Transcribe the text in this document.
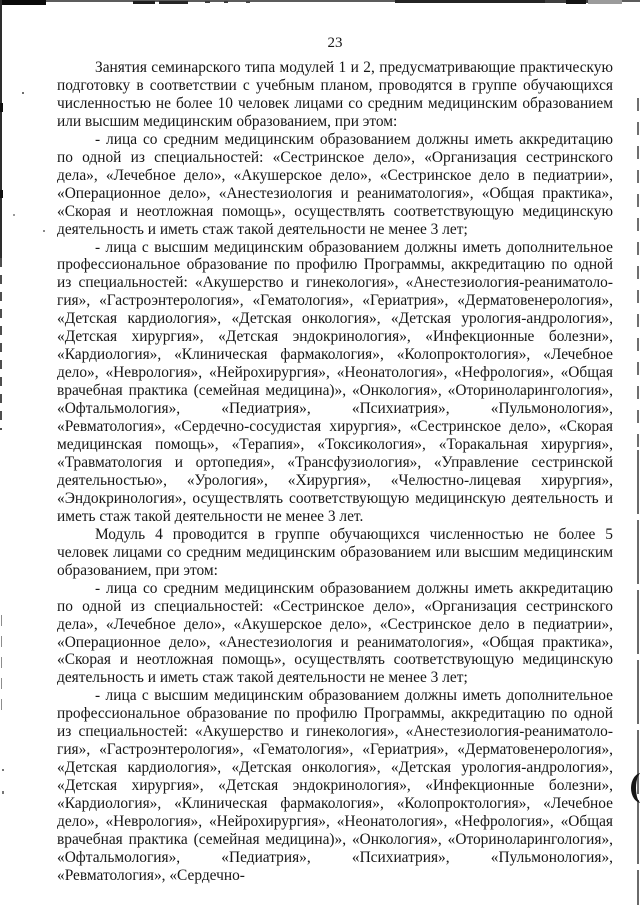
23

Занятия семинарского типа модулей 1 и 2, предусматривающие практическую подготовку в соответствии с учебным планом, проводятся в группе обучающихся численностью не более 10 человек лицами со средним медицинским образованием или высшим медицинским образованием, при этом:

- лица со средним медицинским образованием должны иметь аккредитацию по одной из специальностей: «Сестринское дело», «Организация сестринского дела», «Лечебное дело», «Акушерское дело», «Сестринское дело в педиатрии», «Операционное дело», «Анестезиология и реаниматология», «Общая практика», «Скорая и неотложная помощь», осуществлять соответствующую медицинскую деятельность и иметь стаж такой деятельности не менее 3 лет;

- лица с высшим медицинским образованием должны иметь дополнительное профессиональное образование по профилю Программы, аккредитацию по одной из специальностей: «Акушерство и гинекология», «Анестезиология-реаниматология», «Гастроэнтерология», «Гематология», «Гериатрия», «Дерматовенерология», «Детская кардиология», «Детская онкология», «Детская урология-андрология», «Детская хирургия», «Детская эндокринология», «Инфекционные болезни», «Кардиология», «Клиническая фармакология», «Колопроктология», «Лечебное дело», «Неврология», «Нейрохирургия», «Неонатология», «Нефрология», «Общая врачебная практика (семейная медицина)», «Онкология», «Оториноларингология», «Офтальмология», «Педиатрия», «Психиатрия», «Пульмонология», «Ревматология», «Сердечно-сосудистая хирургия», «Сестринское дело», «Скорая медицинская помощь», «Терапия», «Токсикология», «Торакальная хирургия», «Травматология и ортопедия», «Трансфузиология», «Управление сестринской деятельностью», «Урология», «Хирургия», «Челюстно-лицевая хирургия», «Эндокринология», осуществлять соответствующую медицинскую деятельность и иметь стаж такой деятельности не менее 3 лет.

Модуль 4 проводится в группе обучающихся численностью не более 5 человек лицами со средним медицинским образованием или высшим медицинским образованием, при этом:

- лица со средним медицинским образованием должны иметь аккредитацию по одной из специальностей: «Сестринское дело», «Организация сестринского дела», «Лечебное дело», «Акушерское дело», «Сестринское дело в педиатрии», «Операционное дело», «Анестезиология и реаниматология», «Общая практика», «Скорая и неотложная помощь», осуществлять соответствующую медицинскую деятельность и иметь стаж такой деятельности не менее 3 лет;

- лица с высшим медицинским образованием должны иметь дополнительное профессиональное образование по профилю Программы, аккредитацию по одной из специальностей: «Акушерство и гинекология», «Анестезиология-реаниматология», «Гастроэнтерология», «Гематология», «Гериатрия», «Дерматовенерология», «Детская кардиология», «Детская онкология», «Детская урология-андрология», «Детская хирургия», «Детская эндокринология», «Инфекционные болезни», «Кардиология», «Клиническая фармакология», «Колопроктология», «Лечебное дело», «Неврология», «Нейрохирургия», «Неонатология», «Нефрология», «Общая врачебная практика (семейная медицина)», «Онкология», «Оториноларингология», «Офтальмология», «Педиатрия», «Психиатрия», «Пульмонология», «Ревматология», «Сердечно-
